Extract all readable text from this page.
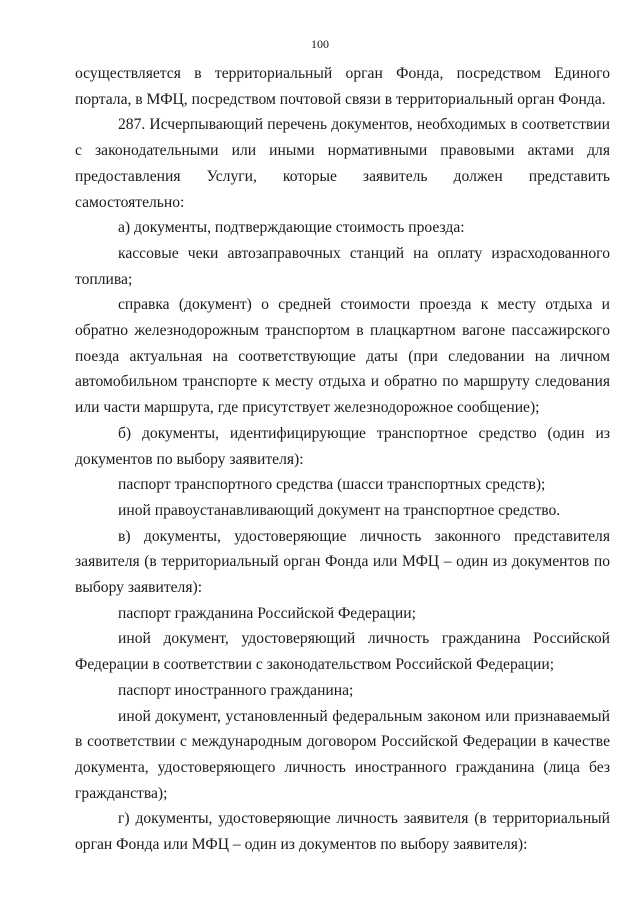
100

осуществляется в территориальный орган Фонда, посредством Единого портала, в МФЦ, посредством почтовой связи в территориальный орган Фонда.

287. Исчерпывающий перечень документов, необходимых в соответствии с законодательными или иными нормативными правовыми актами для предоставления Услуги, которые заявитель должен представить самостоятельно:

а) документы, подтверждающие стоимость проезда:

кассовые чеки автозаправочных станций на оплату израсходованного топлива;

справка (документ) о средней стоимости проезда к месту отдыха и обратно железнодорожным транспортом в плацкартном вагоне пассажирского поезда актуальная на соответствующие даты (при следовании на личном автомобильном транспорте к месту отдыха и обратно по маршруту следования или части маршрута, где присутствует железнодорожное сообщение);

б) документы, идентифицирующие транспортное средство (один из документов по выбору заявителя):

паспорт транспортного средства (шасси транспортных средств);

иной правоустанавливающий документ на транспортное средство.

в) документы, удостоверяющие личность законного представителя заявителя (в территориальный орган Фонда или МФЦ – один из документов по выбору заявителя):

паспорт гражданина Российской Федерации;

иной документ, удостоверяющий личность гражданина Российской Федерации в соответствии с законодательством Российской Федерации;

паспорт иностранного гражданина;

иной документ, установленный федеральным законом или признаваемый в соответствии с международным договором Российской Федерации в качестве документа, удостоверяющего личность иностранного гражданина (лица без гражданства);

г) документы, удостоверяющие личность заявителя (в территориальный орган Фонда или МФЦ – один из документов по выбору заявителя):
